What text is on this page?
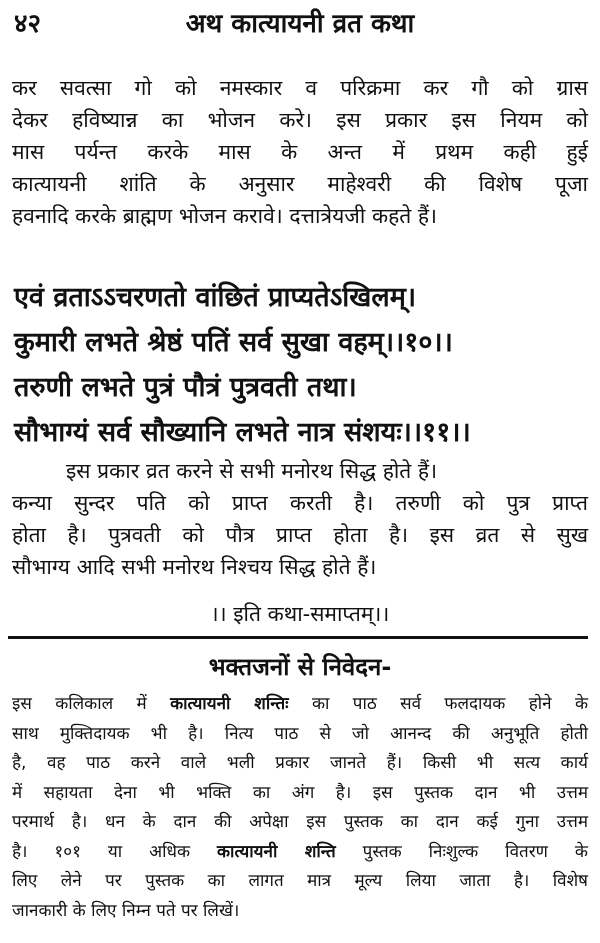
४२	अथ कात्यायनी व्रत कथा
कर सवत्सा गो को नमस्कार व परिक्रमा कर गौ को ग्रास
देकर हविष्यान्न का भोजन करे। इस प्रकार इस नियम को
मास पर्यन्त करके मास के अन्त में प्रथम कही हुई
कात्यायनी शांति के अनुसार माहेश्वरी की विशेष पूजा
हवनादि करके ब्राह्मण भोजन करावे। दत्तात्रेयजी कहते हैं।
एवं व्रताऽऽचरणतो वांछितं प्राप्यतेऽखिलम्।
कुमारी लभते श्रेष्ठं पतिं सर्व सुखा वहम्।।१०।।
तरुणी लभते पुत्रं पौत्रं पुत्रवती तथा।
सौभाग्यं सर्व सौख्यानि लभते नात्र संशयः।।११।।
इस प्रकार व्रत करने से सभी मनोरथ सिद्ध होते हैं।
कन्या सुन्दर पति को प्राप्त करती है। तरुणी को पुत्र प्राप्त
होता है। पुत्रवती को पौत्र प्राप्त होता है। इस व्रत से सुख
सौभाग्य आदि सभी मनोरथ निश्चय सिद्ध होते हैं।
।। इति कथा-समाप्तम्।।
भक्तजनों से निवेदन-
इस कलिकाल में कात्यायनी शन्तिः का पाठ सर्व फलदायक होने के
साथ मुक्तिदायक भी है। नित्य पाठ से जो आनन्द की अनुभूति होती
है, वह पाठ करने वाले भली प्रकार जानते हैं। किसी भी सत्य कार्य
में सहायता देना भी भक्ति का अंग है। इस पुस्तक दान भी उत्तम
परमार्थ है। धन के दान की अपेक्षा इस पुस्तक का दान कई गुना उत्तम
है। १०१ या अधिक कात्यायनी शन्ति पुस्तक निःशुल्क वितरण के
लिए लेने पर पुस्तक का लागत मात्र मूल्य लिया जाता है। विशेष
जानकारी के लिए निम्न पते पर लिखें।
